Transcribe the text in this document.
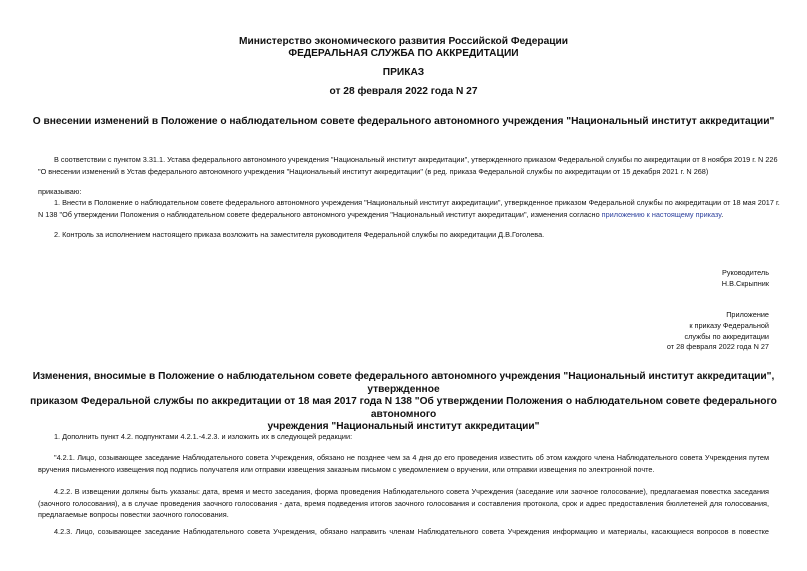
Министерство экономического развития Российской Федерации
ФЕДЕРАЛЬНАЯ СЛУЖБА ПО АККРЕДИТАЦИИ
ПРИКАЗ
от 28 февраля 2022 года N 27
О внесении изменений в Положение о наблюдательном совете федерального автономного учреждения "Национальный институт аккредитации"
В соответствии с пунктом 3.31.1. Устава федерального автономного учреждения "Национальный институт аккредитации", утвержденного приказом Федеральной службы по аккредитации от 8 ноября 2019 г. N 226
"О внесении изменений в Устав федерального автономного учреждения "Национальный институт аккредитации" (в ред. приказа Федеральной службы по аккредитации от 15 декабря 2021 г. N 268)
приказываю:
1. Внести в Положение о наблюдательном совете федерального автономного учреждения "Национальный институт аккредитации", утвержденное приказом Федеральной службы по аккредитации от 18 мая 2017 г.
N 138 "Об утверждении Положения о наблюдательном совете федерального автономного учреждения "Национальный институт аккредитации", изменения согласно приложению к настоящему приказу.
2. Контроль за исполнением настоящего приказа возложить на заместителя руководителя Федеральной службы по аккредитации Д.В.Гоголева.
Руководитель
Н.В.Скрыпник
Приложение
к приказу Федеральной
службы по аккредитации
от 28 февраля 2022 года N 27
Изменения, вносимые в Положение о наблюдательном совете федерального автономного учреждения "Национальный институт аккредитации", утвержденное
приказом Федеральной службы по аккредитации от 18 мая 2017 года N 138 "Об утверждении Положения о наблюдательном совете федерального автономного
учреждения "Национальный институт аккредитации"
1. Дополнить пункт 4.2. подпунктами 4.2.1.-4.2.3. и изложить их в следующей редакции:
"4.2.1. Лицо, созывающее заседание Наблюдательного совета Учреждения, обязано не позднее чем за 4 дня до его проведения известить об этом каждого члена Наблюдательного совета Учреждения путем
вручения письменного извещения под подпись получателя или отправки извещения заказным письмом с уведомлением о вручении, или отправки извещения по электронной почте.
4.2.2. В извещении должны быть указаны: дата, время и место заседания, форма проведения Наблюдательного совета Учреждения (заседание или заочное голосование), предлагаемая повестка заседания
(заочного голосования), а в случае проведения заочного голосования - дата, время подведения итогов заочного голосования и составления протокола, срок и адрес предоставления бюллетеней для голосования,
предлагаемые вопросы повестки заочного голосования.
4.2.3. Лицо, созывающее заседание Наблюдательного совета Учреждения, обязано направить членам Наблюдательного совета Учреждения информацию и материалы, касающиеся вопросов в повестке
